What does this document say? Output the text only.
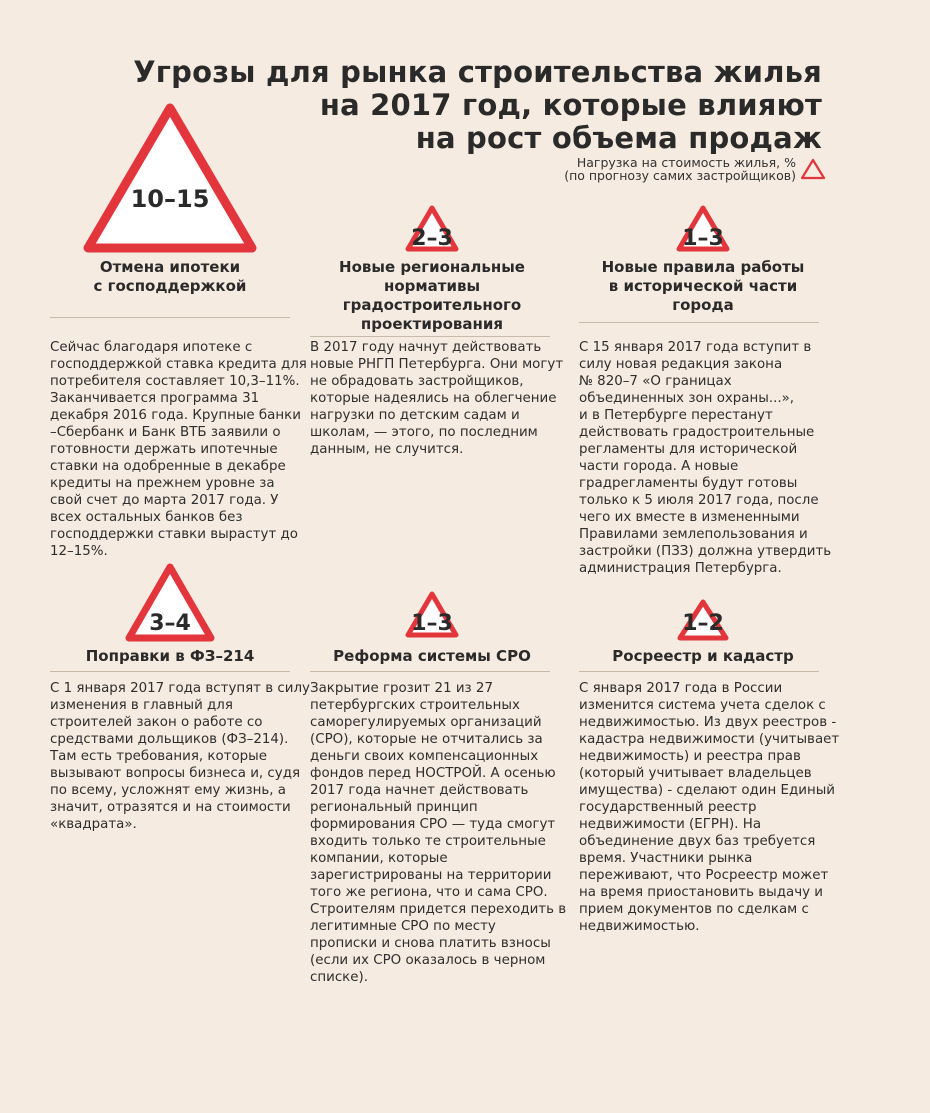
Угрозы для рынка строительства жилья
на 2017 год, которые влияют
на рост объема продаж
Нагрузка на стоимость жилья, %
(по прогнозу самих застройщиков)
10–15
Отмена ипотеки
с господдержкой
Сейчас благодаря ипотеке с
господдержкой ставка кредита для
потребителя составляет 10,3–11%.
Заканчивается программа 31
декабря 2016 года. Крупные банки
–Сбербанк и Банк ВТБ заявили о
готовности держать ипотечные
ставки на одобренные в декабре
кредиты на прежнем уровне за
свой счет до марта 2017 года. У
всех остальных банков без
господдержки ставки вырастут до
12–15%.
2–3
Новые региональные
нормативы
градостроительного
проектирования
В 2017 году начнут действовать
новые РНГП Петербурга. Они могут
не обрадовать застройщиков,
которые надеялись на облегчение
нагрузки по детским садам и
школам, — этого, по последним
данным, не случится.
1–3
Новые правила работы
в исторической части
города
С 15 января 2017 года вступит в
силу новая редакция закона
№ 820–7 «О границах
объединенных зон охраны...»,
и в Петербурге перестанут
действовать градостроительные
регламенты для исторической
части города. А новые
градрегламенты будут готовы
только к 5 июля 2017 года, после
чего их вместе в измененными
Правилами землепользования и
застройки (ПЗЗ) должна утвердить
администрация Петербурга.
3–4
Поправки в ФЗ–214
С 1 января 2017 года вступят в силу
изменения в главный для
строителей закон о работе со
средствами дольщиков (ФЗ–214).
Там есть требования, которые
вызывают вопросы бизнеса и, судя
по всему, усложнят ему жизнь, а
значит, отразятся и на стоимости
«квадрата».
1–3
Реформа системы СРО
Закрытие грозит 21 из 27
петербургских строительных
саморегулируемых организаций
(СРО), которые не отчитались за
деньги своих компенсационных
фондов перед НОСТРОЙ. А осенью
2017 года начнет действовать
региональный принцип
формирования СРО — туда смогут
входить только те строительные
компании, которые
зарегистрированы на территории
того же региона, что и сама СРО.
Строителям придется переходить в
легитимные СРО по месту
прописки и снова платить взносы
(если их СРО оказалось в черном
списке).
1–2
Росреестр и кадастр
С января 2017 года в России
изменится система учета сделок с
недвижимостью. Из двух реестров -
кадастра недвижимости (учитывает
недвижимость) и реестра прав
(который учитывает владельцев
имущества) - сделают один Единый
государственный реестр
недвижимости (ЕГРН). На
объединение двух баз требуется
время. Участники рынка
переживают, что Росреестр может
на время приостановить выдачу и
прием документов по сделкам с
недвижимостью.
